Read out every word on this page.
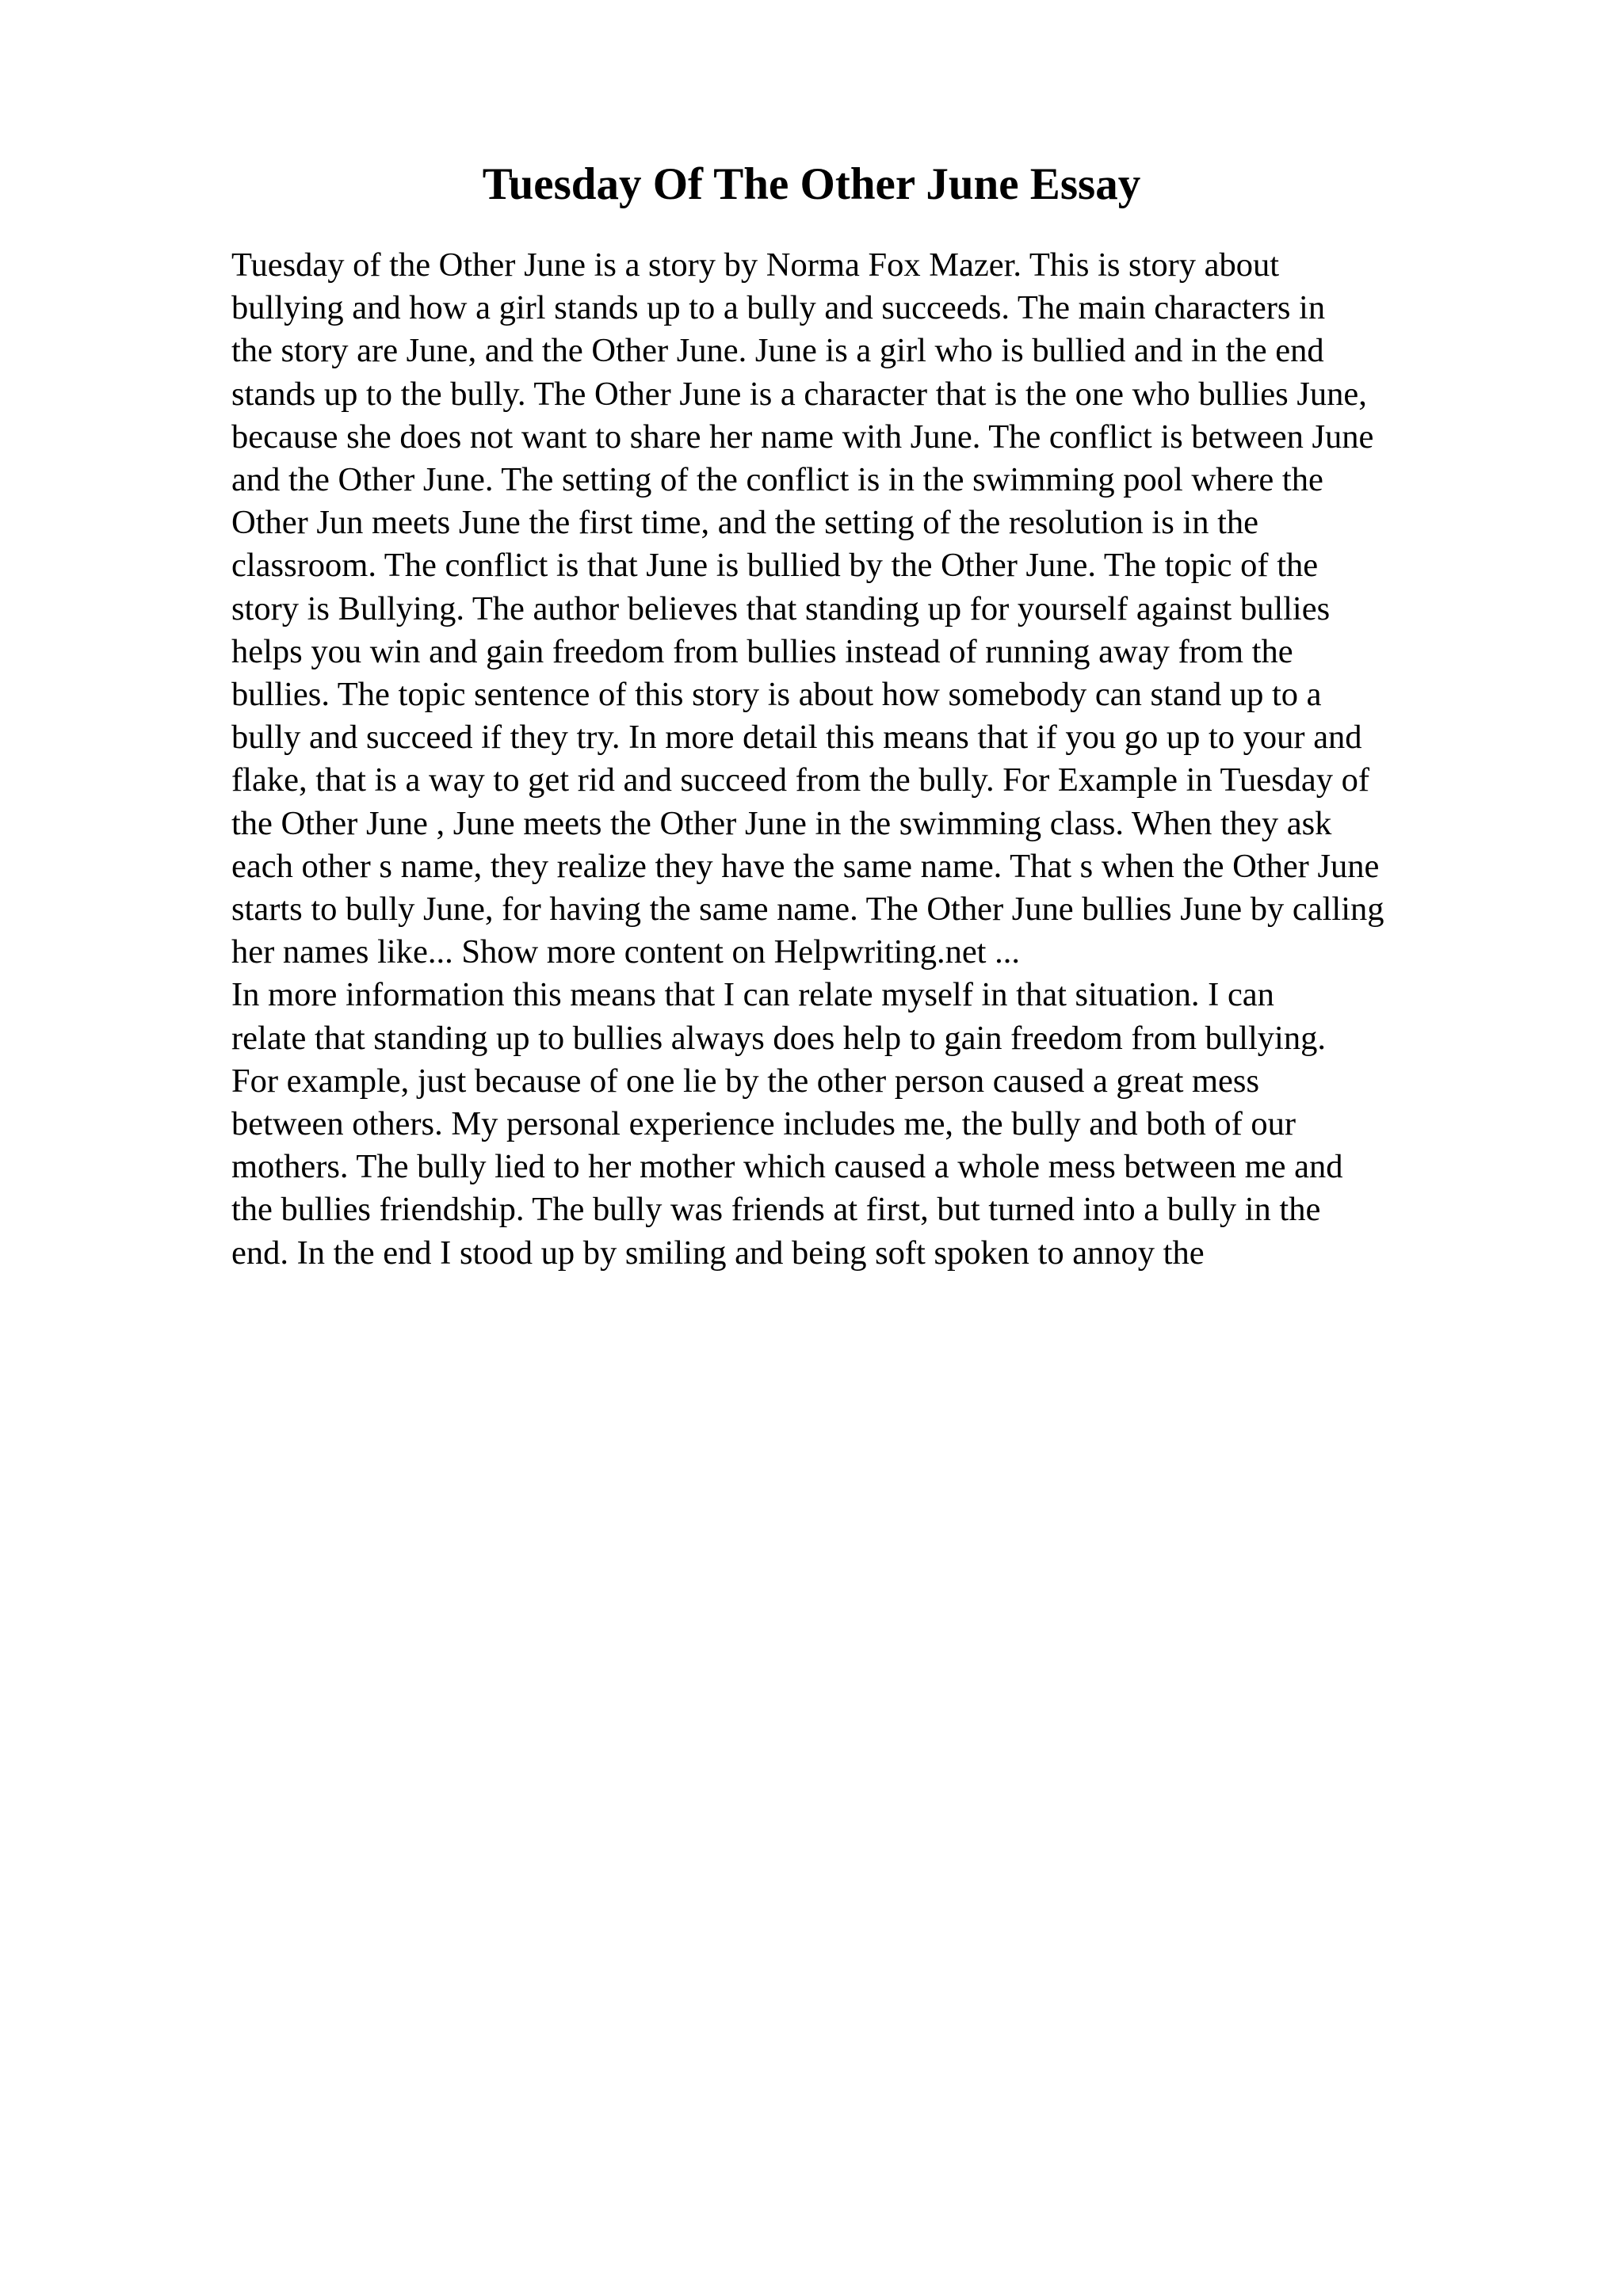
Tuesday Of The Other June Essay
Tuesday of the Other June is a story by Norma Fox Mazer. This is story about
bullying and how a girl stands up to a bully and succeeds. The main characters in
the story are June, and the Other June. June is a girl who is bullied and in the end
stands up to the bully. The Other June is a character that is the one who bullies June,
because she does not want to share her name with June. The conflict is between June
and the Other June. The setting of the conflict is in the swimming pool where the
Other Jun meets June the first time, and the setting of the resolution is in the
classroom. The conflict is that June is bullied by the Other June. The topic of the
story is Bullying. The author believes that standing up for yourself against bullies
helps you win and gain freedom from bullies instead of running away from the
bullies. The topic sentence of this story is about how somebody can stand up to a
bully and succeed if they try. In more detail this means that if you go up to your and
flake, that is a way to get rid and succeed from the bully. For Example in Tuesday of
the Other June , June meets the Other June in the swimming class. When they ask
each other s name, they realize they have the same name. That s when the Other June
starts to bully June, for having the same name. The Other June bullies June by calling
her names like... Show more content on Helpwriting.net ...
In more information this means that I can relate myself in that situation. I can
relate that standing up to bullies always does help to gain freedom from bullying.
For example, just because of one lie by the other person caused a great mess
between others. My personal experience includes me, the bully and both of our
mothers. The bully lied to her mother which caused a whole mess between me and
the bullies friendship. The bully was friends at first, but turned into a bully in the
end. In the end I stood up by smiling and being soft spoken to annoy the
